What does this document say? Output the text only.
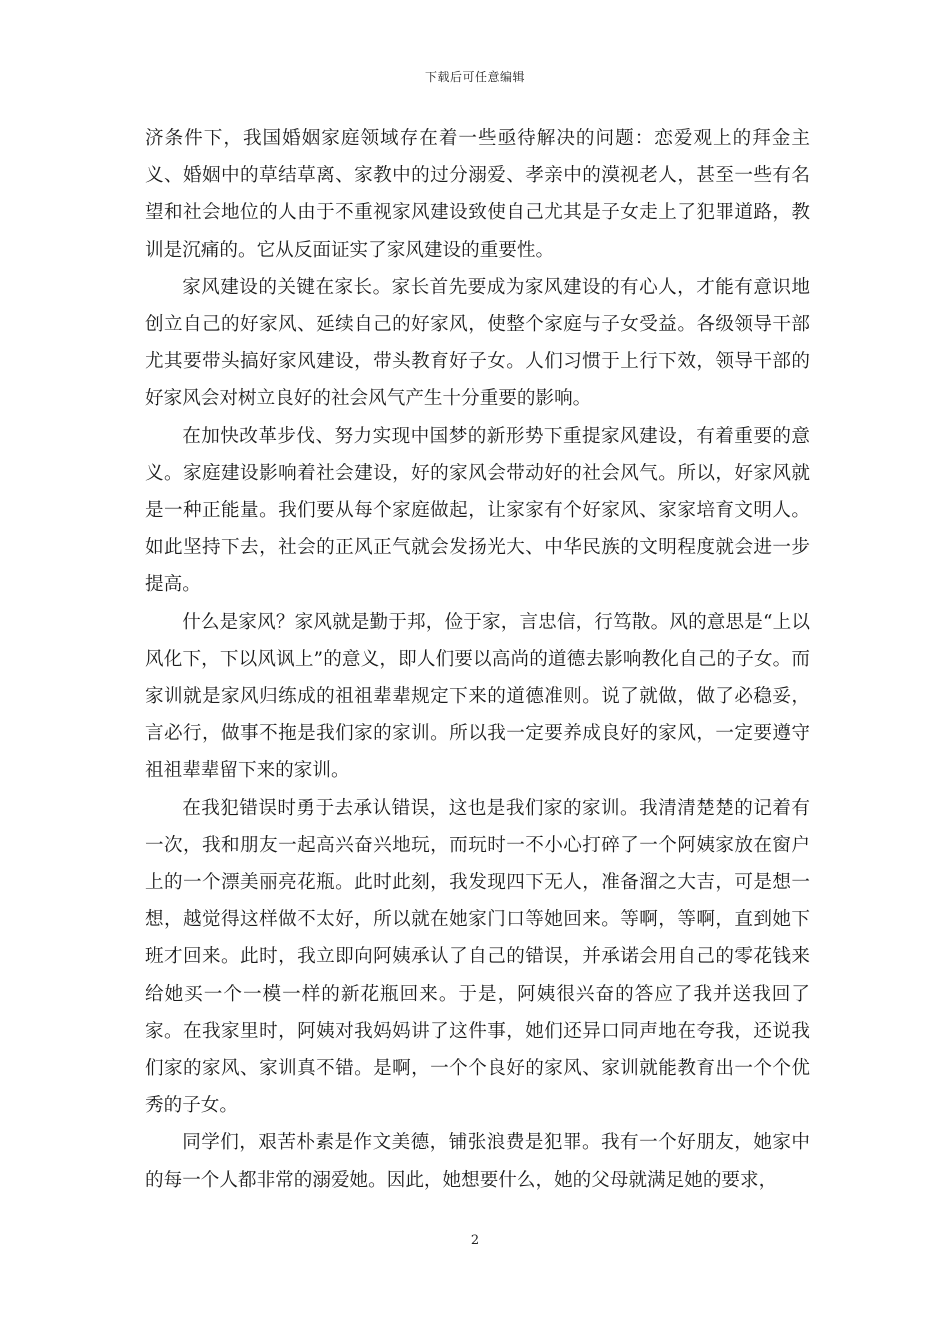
下载后可任意编辑

济条件下，我国婚姻家庭领域存在着一些亟待解决的问题：恋爱观上的拜金主义、婚姻中的草结草离、家教中的过分溺爱、孝亲中的漠视老人，甚至一些有名望和社会地位的人由于不重视家风建设致使自己尤其是子女走上了犯罪道路，教训是沉痛的。它从反面证实了家风建设的重要性。

家风建设的关键在家长。家长首先要成为家风建设的有心人，才能有意识地创立自己的好家风、延续自己的好家风，使整个家庭与子女受益。各级领导干部尤其要带头搞好家风建设，带头教育好子女。人们习惯于上行下效，领导干部的好家风会对树立良好的社会风气产生十分重要的影响。

在加快改革步伐、努力实现中国梦的新形势下重提家风建设，有着重要的意义。家庭建设影响着社会建设，好的家风会带动好的社会风气。所以，好家风就是一种正能量。我们要从每个家庭做起，让家家有个好家风、家家培育文明人。如此坚持下去，社会的正风正气就会发扬光大、中华民族的文明程度就会进一步提高。

什么是家风？家风就是勤于邦，俭于家，言忠信，行笃散。风的意思是“上以风化下，下以风讽上”的意义，即人们要以高尚的道德去影响教化自己的子女。而家训就是家风归练成的祖祖辈辈规定下来的道德准则。说了就做，做了必稳妥，言必行，做事不拖是我们家的家训。所以我一定要养成良好的家风，一定要遵守祖祖辈辈留下来的家训。

在我犯错误时勇于去承认错误，这也是我们家的家训。我清清楚楚的记着有一次，我和朋友一起高兴奋兴地玩，而玩时一不小心打碎了一个阿姨家放在窗户上的一个漂美丽亮花瓶。此时此刻，我发现四下无人，准备溜之大吉，可是想一想，越觉得这样做不太好，所以就在她家门口等她回来。等啊，等啊，直到她下班才回来。此时，我立即向阿姨承认了自己的错误，并承诺会用自己的零花钱来给她买一个一模一样的新花瓶回来。于是，阿姨很兴奋的答应了我并送我回了家。在我家里时，阿姨对我妈妈讲了这件事，她们还异口同声地在夸我，还说我们家的家风、家训真不错。是啊，一个个良好的家风、家训就能教育出一个个优秀的子女。

同学们，艰苦朴素是作文美德，铺张浪费是犯罪。我有一个好朋友，她家中的每一个人都非常的溺爱她。因此，她想要什么，她的父母就满足她的要求，

2
